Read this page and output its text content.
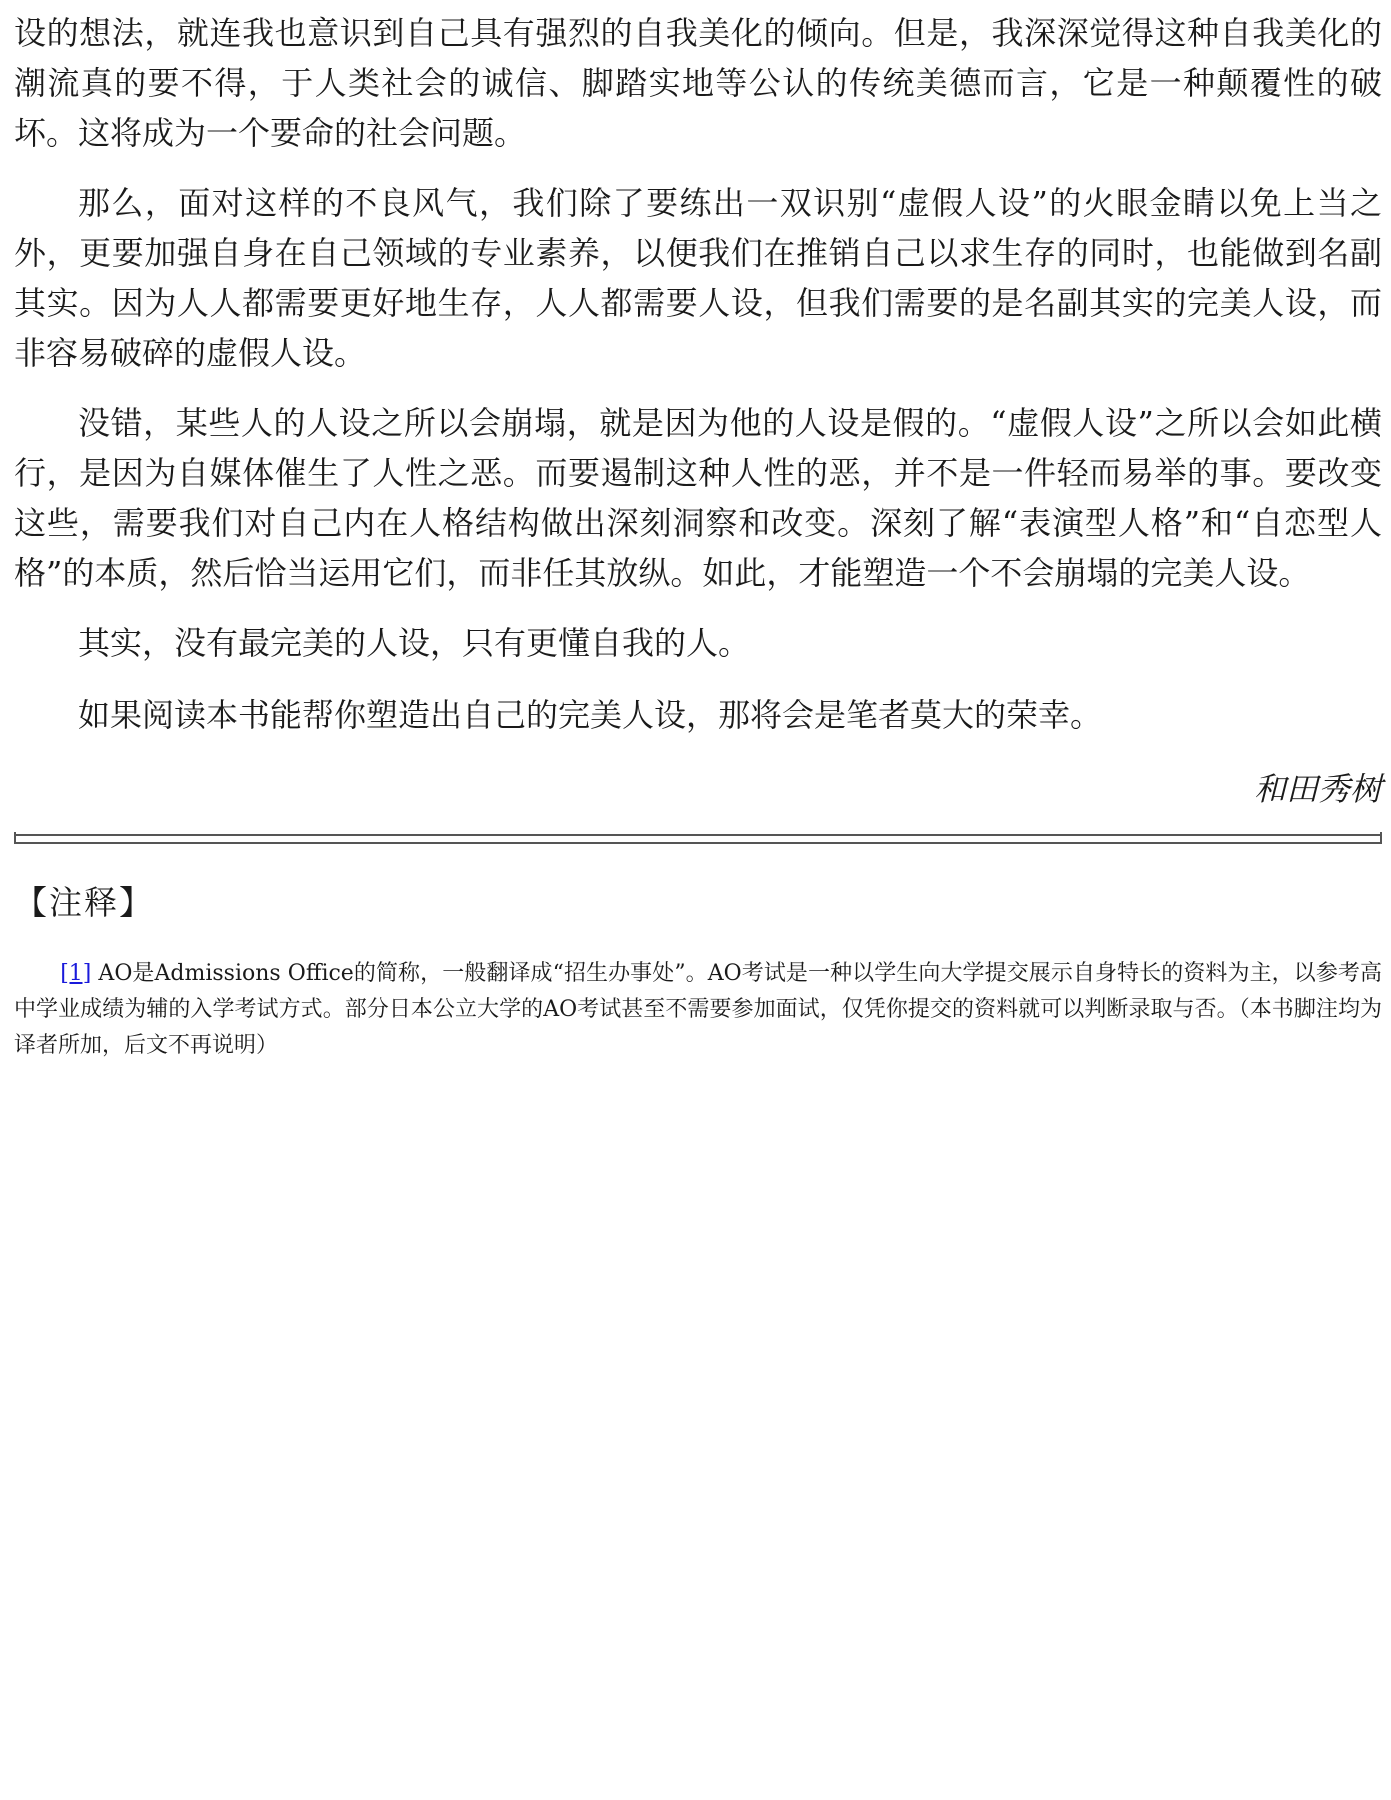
设的想法，就连我也意识到自己具有强烈的自我美化的倾向。但是，我深深觉得这种自我美化的潮流真的要不得，于人类社会的诚信、脚踏实地等公认的传统美德而言，它是一种颠覆性的破坏。这将成为一个要命的社会问题。

那么，面对这样的不良风气，我们除了要练出一双识别“虚假人设”的火眼金睛以免上当之外，更要加强自身在自己领域的专业素养，以便我们在推销自己以求生存的同时，也能做到名副其实。因为人人都需要更好地生存，人人都需要人设，但我们需要的是名副其实的完美人设，而非容易破碎的虚假人设。

没错，某些人的人设之所以会崩塌，就是因为他的人设是假的。“虚假人设”之所以会如此横行，是因为自媒体催生了人性之恶。而要遏制这种人性的恶，并不是一件轻而易举的事。要改变这些，需要我们对自己内在人格结构做出深刻洞察和改变。深刻了解“表演型人格”和“自恋型人格”的本质，然后恰当运用它们，而非任其放纵。如此，才能塑造一个不会崩塌的完美人设。

其实，没有最完美的人设，只有更懂自我的人。

如果阅读本书能帮你塑造出自己的完美人设，那将会是笔者莫大的荣幸。

和田秀树

【注释】

[1] AO是Admissions Office的简称，一般翻译成“招生办事处”。AO考试是一种以学生向大学提交展示自身特长的资料为主，以参考高中学业成绩为辅的入学考试方式。部分日本公立大学的AO考试甚至不需要参加面试，仅凭你提交的资料就可以判断录取与否。（本书脚注均为译者所加，后文不再说明）
